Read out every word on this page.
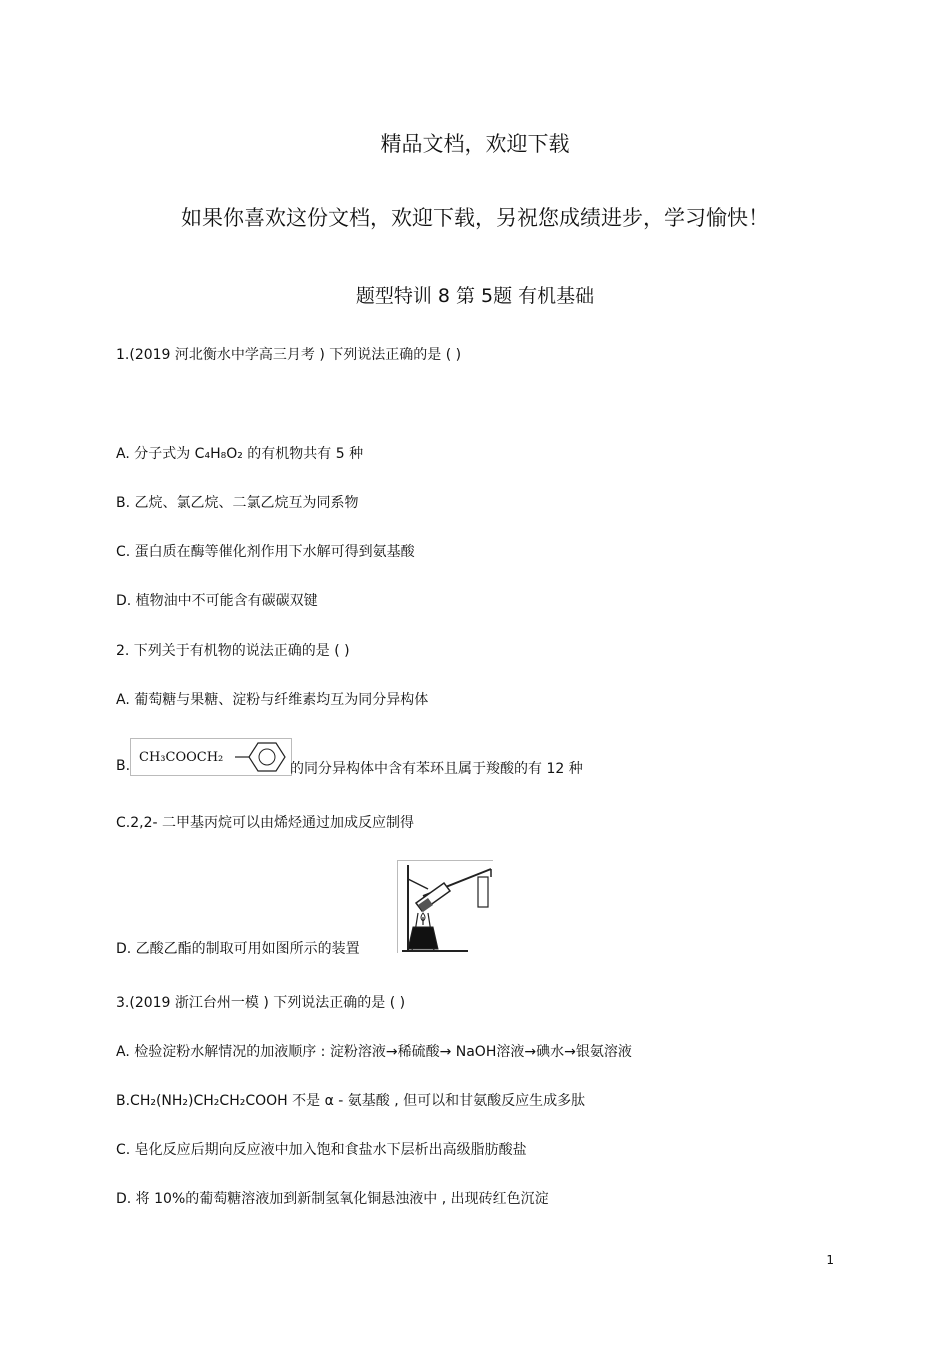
精品文档，欢迎下载
如果你喜欢这份文档，欢迎下载，另祝您成绩进步，学习愉快！
题型特训 8 第 5题 有机基础
1.(2019 河北衡水中学高三月考 ) 下列说法正确的是 ( )
A. 分子式为 C₄H₈O₂ 的有机物共有 5 种
B. 乙烷、氯乙烷、二氯乙烷互为同系物
C. 蛋白质在酶等催化剂作用下水解可得到氨基酸
D. 植物油中不可能含有碳碳双键
2. 下列关于有机物的说法正确的是 ( )
A. 葡萄糖与果糖、淀粉与纤维素均互为同分异构体
B.
CH₃COOCH₂
的同分异构体中含有苯环且属于羧酸的有 12 种
C.2,2- 二甲基丙烷可以由烯烃通过加成反应制得
D. 乙酸乙酯的制取可用如图所示的装置
3.(2019 浙江台州一模 ) 下列说法正确的是 ( )
A. 检验淀粉水解情况的加液顺序 : 淀粉溶液→稀硫酸→ NaOH溶液→碘水→银氨溶液
B.CH₂(NH₂)CH₂CH₂COOH 不是 α - 氨基酸 , 但可以和甘氨酸反应生成多肽
C. 皂化反应后期向反应液中加入饱和食盐水下层析出高级脂肪酸盐
D. 将 10%的葡萄糖溶液加到新制氢氧化铜悬浊液中 , 出现砖红色沉淀
1
